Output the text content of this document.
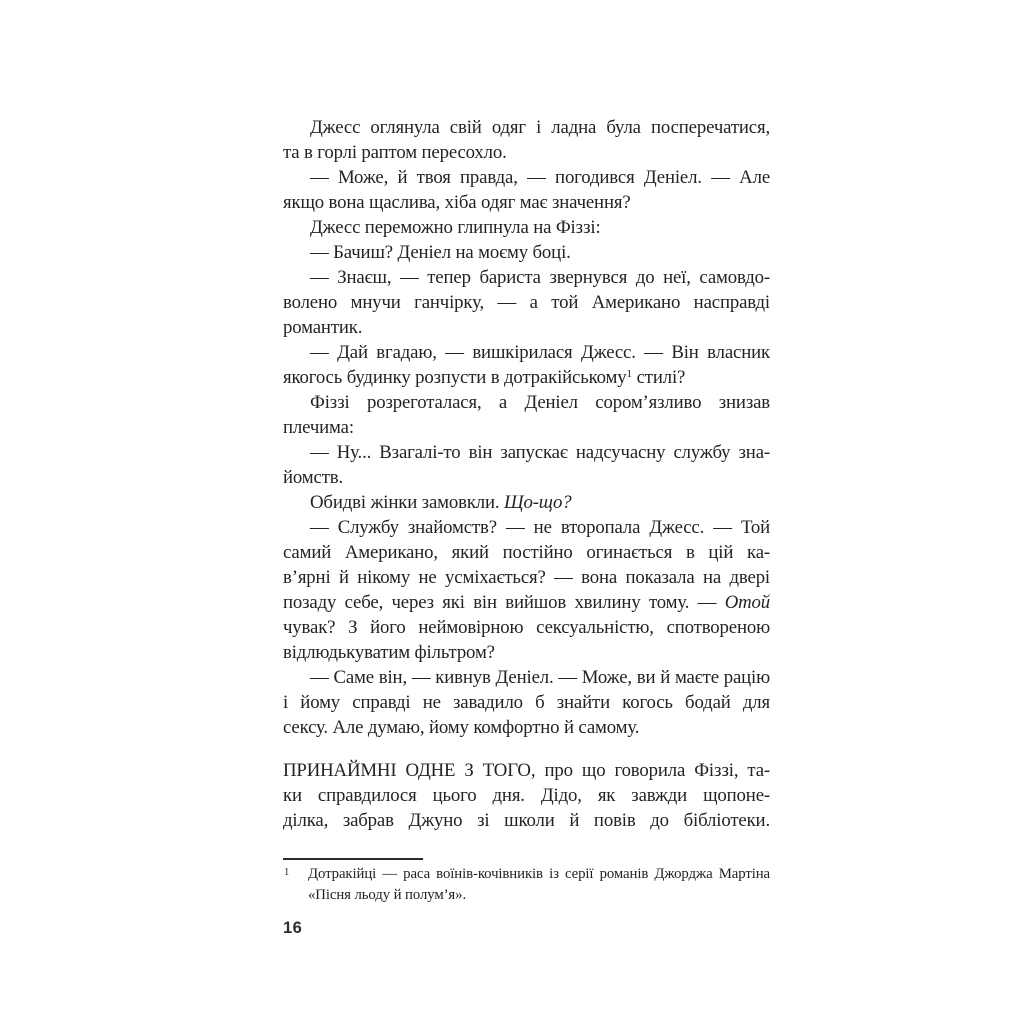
Джесс оглянула свій одяг і ладна була посперечатися,
та в горлі раптом пересохло.
— Може, й твоя правда, — погодився Деніел. — Але
якщо вона щаслива, хіба одяг має значення?
Джесс переможно глипнула на Фіззі:
— Бачиш? Деніел на моєму боці.
— Знаєш, — тепер бариста звернувся до неї, самовдо-
волено мнучи ганчірку, — а той Американо насправді
романтик.
— Дай вгадаю, — вишкірилася Джесс. — Він власник
якогось будинку розпусти в дотракійському$^1$ стилі?
Фіззі розреготалася, а Деніел сором’язливо знизав
плечима:
— Ну... Взагалі-то він запускає надсучасну службу зна-
йомств.
Обидві жінки замовкли. Що-що?
— Службу знайомств? — не второпала Джесс. — Той
самий Американо, який постійно огинається в цій ка-
в’ярні й нікому не усміхається? — вона показала на двері
позаду себе, через які він вийшов хвилину тому. — Отой
чувак? З його неймовірною сексуальністю, спотвореною
відлюдькуватим фільтром?
— Саме він, — кивнув Деніел. — Може, ви й маєте рацію
і йому справді не завадило б знайти когось бодай для
сексу. Але думаю, йому комфортно й самому.
ПРИНАЙМНІ ОДНЕ З ТОГО, про що говорила Фіззі, та-
ки справдилося цього дня. Дідо, як завжди щопоне-
ділка, забрав Джуно зі школи й повів до бібліотеки.
1 Дотракійці — раса воїнів-кочівників із серії романів Джорджа Мартіна
«Пісня льоду й полум’я».
16
